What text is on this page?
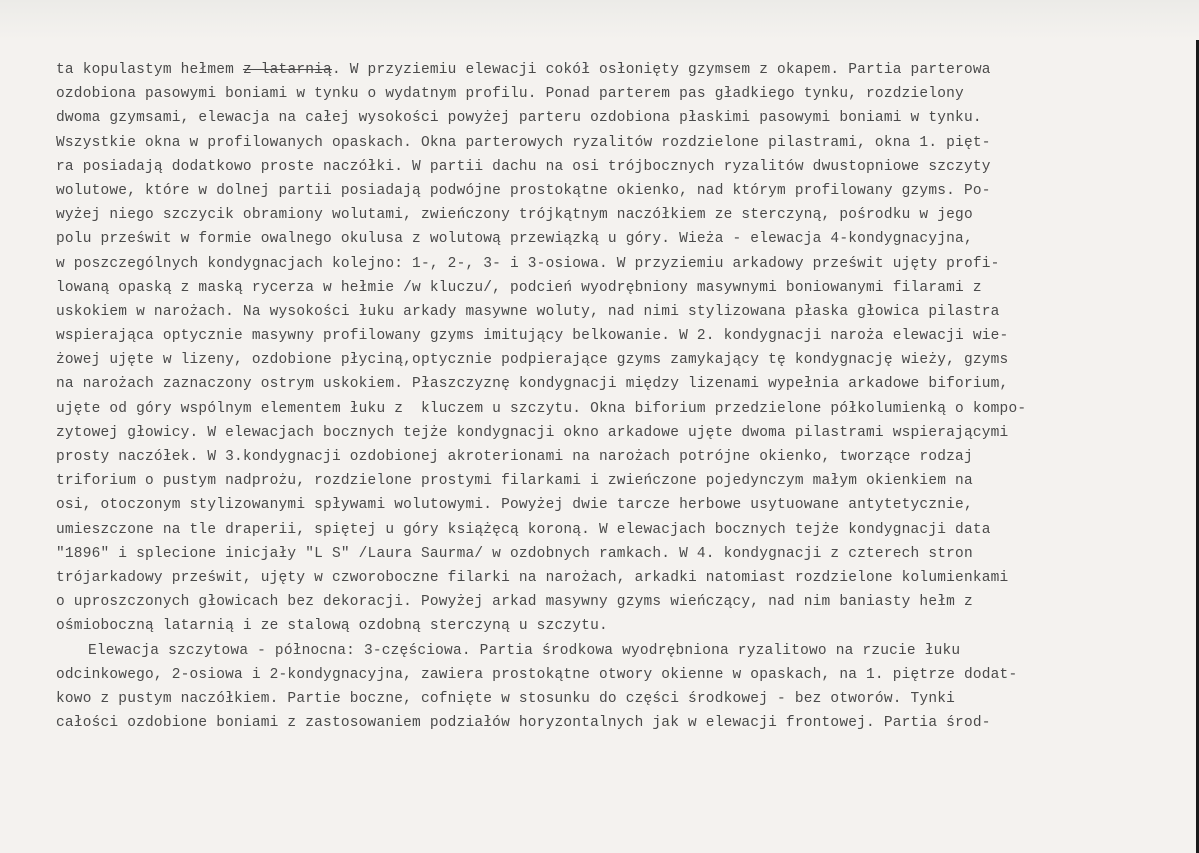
ta kopulastym hełmem z latarnią. W przyziemiu elewacji cokół osłonięty gzymsem z okapem. Partia parterowa
ozdobiona pasowymi boniami w tynku o wydatnym profilu. Ponad parterem pas gładkiego tynku, rozdzielony
dwoma gzymsami, elewacja na całej wysokości powyżej parteru ozdobiona płaskimi pasowymi boniami w tynku.
Wszystkie okna w profilowanych opaskach. Okna parterowych ryzalitów rozdzielone pilastrami, okna 1. pięt-
ra posiadają dodatkowo proste naczółki. W partii dachu na osi trójbocznych ryzalitów dwustopniowe szczyty
wolutowe, które w dolnej partii posiadają podwójne prostokątne okienko, nad którym profilowany gzyms. Po-
wyżej niego szczycik obramiony wolutami, zwieńczony trójkątnym naczółkiem ze sterczyną, pośrodku w jego
polu prześwit w formie owalnego okulusa z wolutową przewiązką u góry. Wieża - elewacja 4-kondygnacyjna,
w poszczególnych kondygnacjach kolejno: 1-, 2-, 3- i 3-osiowa. W przyziemiu arkadowy prześwit ujęty profi-
lowaną opaską z maską rycerza w hełmie /w kluczu/, podcień wyodrębniony masywnymi boniowanymi filarami z
uskokiem w narożach. Na wysokości łuku arkady masywne woluty, nad nimi stylizowana płaska głowica pilastra
wspierająca optycznie masywny profilowany gzyms imitujący belkowanie. W 2. kondygnacji naroża elewacji wie-
żowej ujęte w lizeny, ozdobione płyciną,optycznie podpierające gzyms zamykający tę kondygnację wieży, gzyms
na narożach zaznaczony ostrym uskokiem. Płaszczyznę kondygnacji między lizenami wypełnia arkadowe biforium,
ujęte od góry wspólnym elementem łuku z  kluczem u szczytu. Okna biforium przedzielone półkolumienką o kompo-
zytowej głowicy. W elewacjach bocznych tejże kondygnacji okno arkadowe ujęte dwoma pilastrami wspierającymi
prosty naczółek. W 3.kondygnacji ozdobionej akroterionami na narożach potrójne okienko, tworzące rodzaj
triforium o pustym nadprożu, rozdzielone prostymi filarkami i zwieńczone pojedynczym małym okienkiem na
osi, otoczonym stylizowanymi spływami wolutowymi. Powyżej dwie tarcze herbowe usytuowane antytetycznie,
umieszczone na tle draperii, spiętej u góry książęcą koroną. W elewacjach bocznych tejże kondygnacji data
"1896" i splecione inicjały "L S" /Laura Saurma/ w ozdobnych ramkach. W 4. kondygnacji z czterech stron
trójarkadowy prześwit, ujęty w czworoboczne filarki na narożach, arkadki natomiast rozdzielone kolumienkami
o uproszczonych głowicach bez dekoracji. Powyżej arkad masywny gzyms wieńczący, nad nim baniasty hełm z
ośmioboczną latarnią i ze stalową ozdobną sterczyną u szczytu.
Elewacja szczytowa - północna: 3-częściowa. Partia środkowa wyodrębniona ryzalitowo na rzucie łuku
odcinkowego, 2-osiowa i 2-kondygnacyjna, zawiera prostokątne otwory okienne w opaskach, na 1. piętrze dodat-
kowo z pustym naczółkiem. Partie boczne, cofnięte w stosunku do części środkowej - bez otworów. Tynki
całości ozdobione boniami z zastosowaniem podziałów horyzontalnych jak w elewacji frontowej. Partia środ-
